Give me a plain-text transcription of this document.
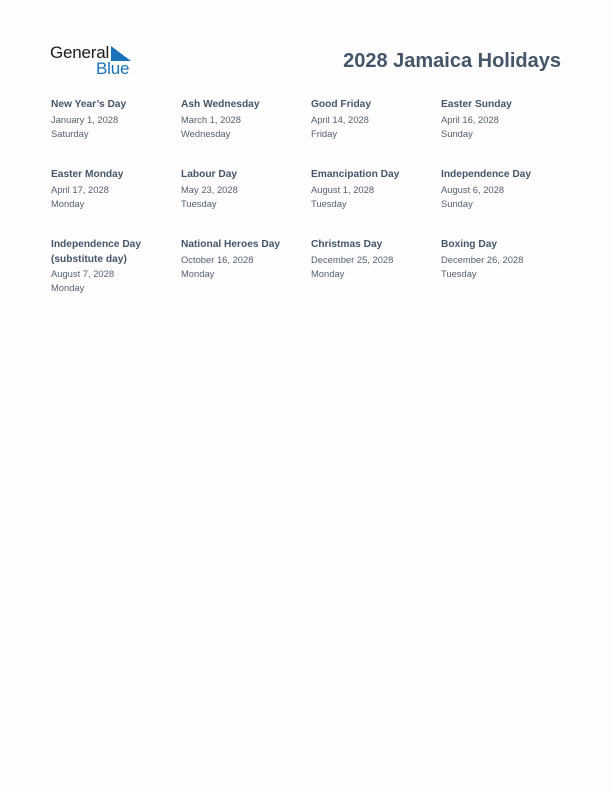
General
Blue	2028 Jamaica Holidays
New Year’s Day
January 1, 2028
Saturday
Ash Wednesday
March 1, 2028
Wednesday
Good Friday
April 14, 2028
Friday
Easter Sunday
April 16, 2028
Sunday
Easter Monday
April 17, 2028
Monday
Labour Day
May 23, 2028
Tuesday
Emancipation Day
August 1, 2028
Tuesday
Independence Day
August 6, 2028
Sunday
Independence Day
(substitute day)
August 7, 2028
Monday
National Heroes Day
October 16, 2028
Monday
Christmas Day
December 25, 2028
Monday
Boxing Day
December 26, 2028
Tuesday
